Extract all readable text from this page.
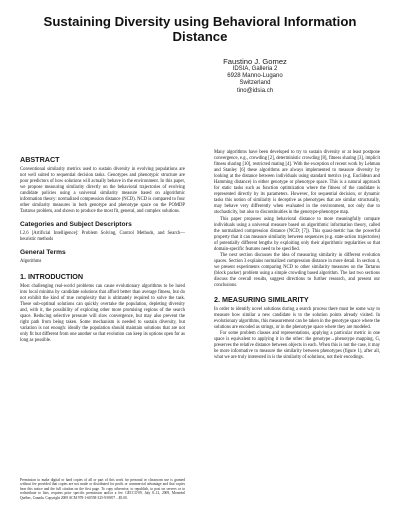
Sustaining Diversity using Behavioral Information Distance
Faustino J. Gomez
IDSIA, Galleria 2
6928 Manno-Lugano
Switzerland
tino@idsia.ch
ABSTRACT

Conventional similarity metrics used to sustain diversity in evolving populations are not well suited to sequential decision tasks. Genotypes and phenotypic structure are poor predictors of how solutions will actually behave in the environment. In this paper, we propose measuring similarity directly on the behavioral trajectories of evolving candidate policies using a universal similarity measure based on algorithmic information theory: normalized compression distance (NCD). NCD is compared to four other similarity measures in both genotype and phenotype space on the POMDP Tartarus problem, and shown to produce the most fit, general, and complex solutions.

Categories and Subject Descriptors

I.2.6 [Artificial Intelligence]: Problem Solving, Control Methods, and Search—heuristic methods

General Terms

Algorithms

1. INTRODUCTION

Most challenging real-world problems can cause evolutionary algorithms to be lured into local minima by candidate solutions that afford better than average fitness, but do not exhibit the kind of true complexity that is ultimately required to solve the task. These sub-optimal solutions can quickly overtake the population, depleting diversity and, with it, the possibility of exploring other more promising regions of the search space. Reducing selective pressure will slow convergence, but may also prevent the right path from being taken. Some mechanism is needed to sustain diversity, but variation is not enough: ideally the population should maintain solutions that are not only fit but different from one another so that evolution can keep its options open for as long as possible.

Permission to make digital or hard copies of all or part of this work for personal or classroom use is granted without fee provided that copies are not made or distributed for profit or commercial advantage and that copies bear this notice and the full citation on the first page. To copy otherwise, to republish, to post on servers or to redistribute to lists, requires prior specific permission and/or a fee. GECCO'09, July 8–12, 2009, Montréal Québec, Canada. Copyright 2009 ACM 978-1-60558-325-9/09/07 ...$5.00.

Many algorithms have been developed to try to sustain diversity or at least postpone convergence, e.g., crowding [2], deterministic crowding [8], fitness sharing [3], implicit fitness sharing [10], restricted mating [4]. With the exception of recent work by Lehman and Stanley [6] these algorithms are always implemented to measure diversity by looking at the distance between individuals using standard metrics (e.g. Euclidean and Hamming distance) in either genotype or phenotype space. This is a natural approach for static tasks such as function optimization where the fitness of the candidate is represented directly by its parameters. However, for sequential decision, or dynamic tasks this notion of similarity is deceptive as phenotypes that are similar structurally, may behave very differently when evaluated in the environment, not only due to stochasticity, but also to discontinuities in the genotype-phenotype map.

This paper proposes using behavioral distance to more meaningfully compare individuals using a universal measure based on algorithmic information theory, called the normalized compression distance (NCD; [7]). This quasi-metric has the powerful property that it can measure similarity between sequences (e.g. state-action trajectories) of potentially different lengths by exploiting only their algorithmic regularities so that domain-specific features need to be specified.

The next section discusses the idea of measuring similarity in different evolution spaces. Section 3 explains normalized compression distance in more detail. In section 4, we present experiments comparing NCD to other similarity measures on the Tartarus (block packer) problem using a simple crowding based algorithm. The last two sections discuss the overall results, suggest directions to further research, and present our conclusions.

2. MEASURING SIMILARITY

In order to identify novel solutions during a search process there must be some way to measure how similar a new candidate is to the solution points already visited. In evolutionary algorithms, this measurement can be taken in the genotype space where the solutions are encoded as strings, or in the phenotype space where they are modeled.

For some problem classes and representations, applying a particular metric in one space is equivalent to applying it in the other: the genotype→phenotype mapping, G, preserves the relative distance between objects in each. When this is not the case, it may be more informative to measure the similarity between phenotypes (figure 1), after all, what we are truly interested in is the similarity of solutions, not their encodings.
